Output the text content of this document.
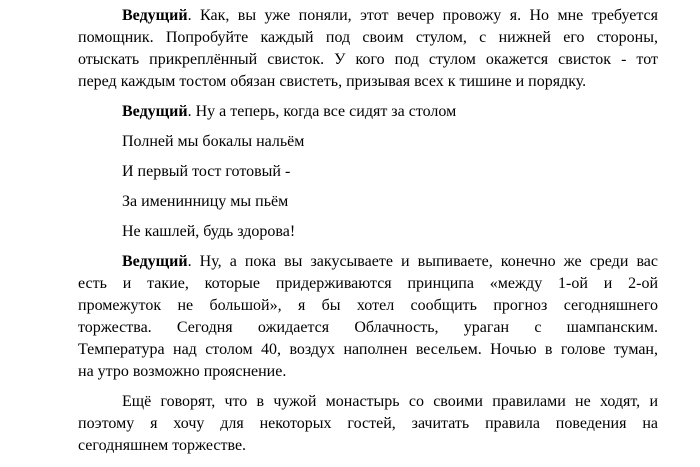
Ведущий. Как, вы уже поняли, этот вечер провожу я. Но мне требуется
помощник. Попробуйте каждый под своим стулом, с нижней его стороны,
отыскать прикреплённый свисток. У кого под стулом окажется свисток - тот
перед каждым тостом обязан свистеть, призывая всех к тишине и порядку.
Ведущий. Ну а теперь, когда все сидят за столом
Полней мы бокалы нальём
И первый тост готовый -
За именинницу мы пьём
Не кашлей, будь здорова!
Ведущий. Ну, а пока вы закусываете и выпиваете, конечно же среди вас
есть и такие, которые придерживаются принципа «между 1-ой и 2-ой
промежуток не большой», я бы хотел сообщить прогноз сегодняшнего
торжества. Сегодня ожидается Облачность, ураган с шампанским.
Температура над столом 40, воздух наполнен весельем. Ночью в голове туман,
на утро возможно прояснение.
Ещё говорят, что в чужой монастырь со своими правилами не ходят, и
поэтому я хочу для некоторых гостей, зачитать правила поведения на
сегодняшнем торжестве.
